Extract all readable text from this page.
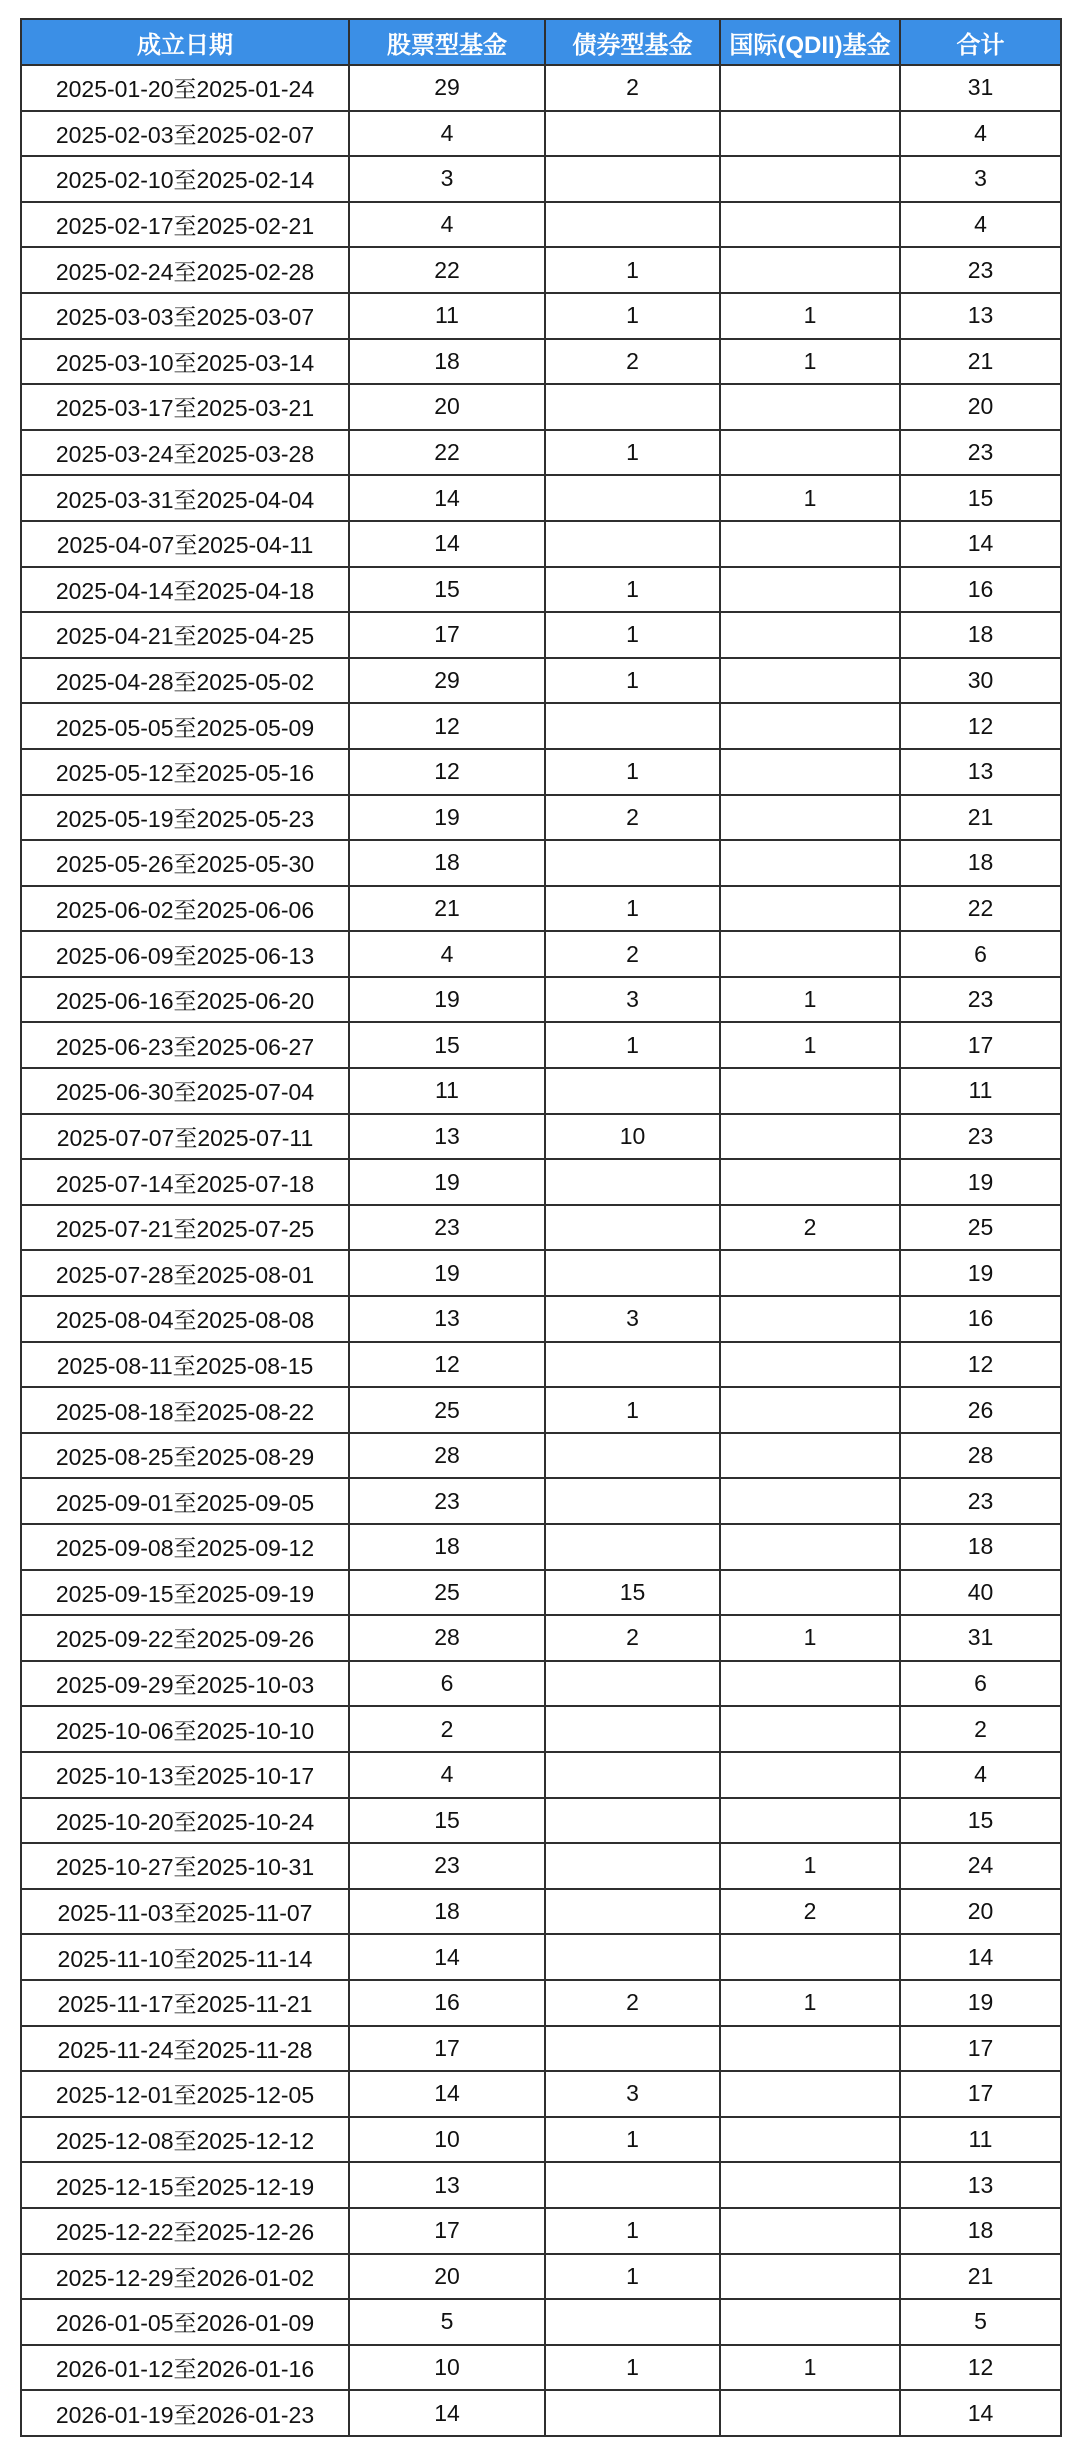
成立日期	股票型基金	债券型基金	国际(QDII)基金	合计
2025-01-20至2025-01-24	29	2		31
2025-02-03至2025-02-07	4			4
2025-02-10至2025-02-14	3			3
2025-02-17至2025-02-21	4			4
2025-02-24至2025-02-28	22	1		23
2025-03-03至2025-03-07	11	1	1	13
2025-03-10至2025-03-14	18	2	1	21
2025-03-17至2025-03-21	20			20
2025-03-24至2025-03-28	22	1		23
2025-03-31至2025-04-04	14		1	15
2025-04-07至2025-04-11	14			14
2025-04-14至2025-04-18	15	1		16
2025-04-21至2025-04-25	17	1		18
2025-04-28至2025-05-02	29	1		30
2025-05-05至2025-05-09	12			12
2025-05-12至2025-05-16	12	1		13
2025-05-19至2025-05-23	19	2		21
2025-05-26至2025-05-30	18			18
2025-06-02至2025-06-06	21	1		22
2025-06-09至2025-06-13	4	2		6
2025-06-16至2025-06-20	19	3	1	23
2025-06-23至2025-06-27	15	1	1	17
2025-06-30至2025-07-04	11			11
2025-07-07至2025-07-11	13	10		23
2025-07-14至2025-07-18	19			19
2025-07-21至2025-07-25	23		2	25
2025-07-28至2025-08-01	19			19
2025-08-04至2025-08-08	13	3		16
2025-08-11至2025-08-15	12			12
2025-08-18至2025-08-22	25	1		26
2025-08-25至2025-08-29	28			28
2025-09-01至2025-09-05	23			23
2025-09-08至2025-09-12	18			18
2025-09-15至2025-09-19	25	15		40
2025-09-22至2025-09-26	28	2	1	31
2025-09-29至2025-10-03	6			6
2025-10-06至2025-10-10	2			2
2025-10-13至2025-10-17	4			4
2025-10-20至2025-10-24	15			15
2025-10-27至2025-10-31	23		1	24
2025-11-03至2025-11-07	18		2	20
2025-11-10至2025-11-14	14			14
2025-11-17至2025-11-21	16	2	1	19
2025-11-24至2025-11-28	17			17
2025-12-01至2025-12-05	14	3		17
2025-12-08至2025-12-12	10	1		11
2025-12-15至2025-12-19	13			13
2025-12-22至2025-12-26	17	1		18
2025-12-29至2026-01-02	20	1		21
2026-01-05至2026-01-09	5			5
2026-01-12至2026-01-16	10	1	1	12
2026-01-19至2026-01-23	14			14
